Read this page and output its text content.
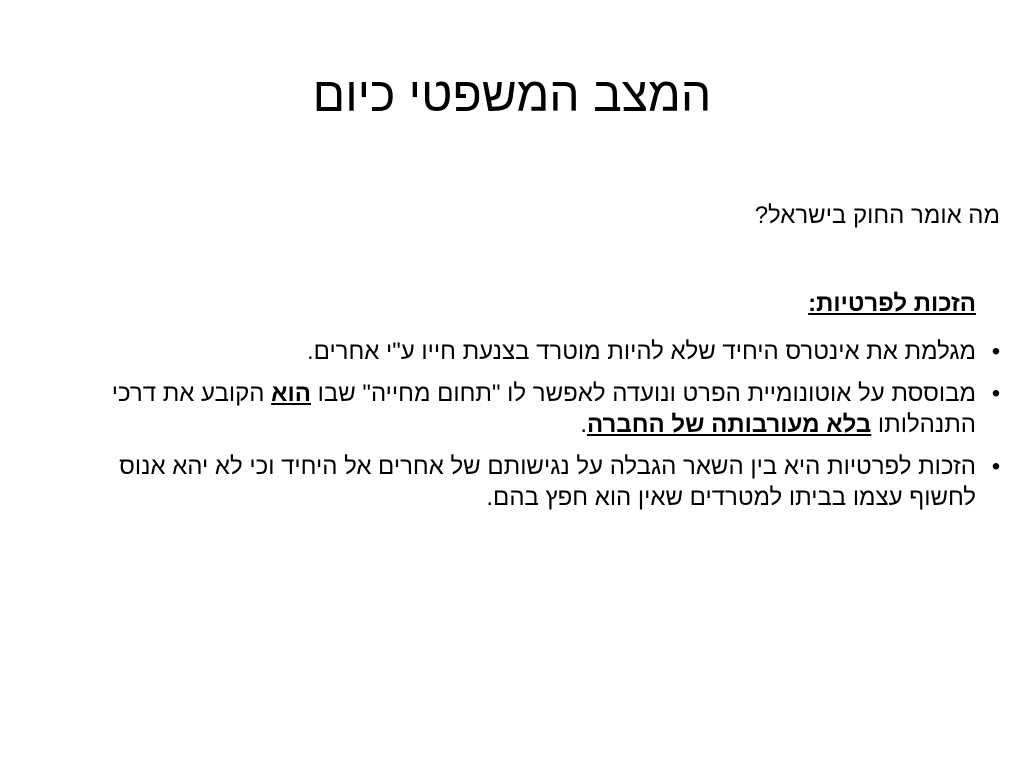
המצב המשפטי כיום
מה אומר החוק בישראל?
הזכות לפרטיות:
•
מגלמת את אינטרס היחיד שלא להיות מוטרד בצנעת חייו ע"י אחרים.
•
מבוססת על אוטונומיית הפרט ונועדה לאפשר לו "תחום מחייה" שבו הוא הקובע את דרכי התנהלותו בלא מעורבותה של החברה.
•
הזכות לפרטיות היא בין השאר הגבלה על נגישותם של אחרים אל היחיד וכי לא יהא אנוס לחשוף עצמו בביתו למטרדים שאין הוא חפץ בהם.
